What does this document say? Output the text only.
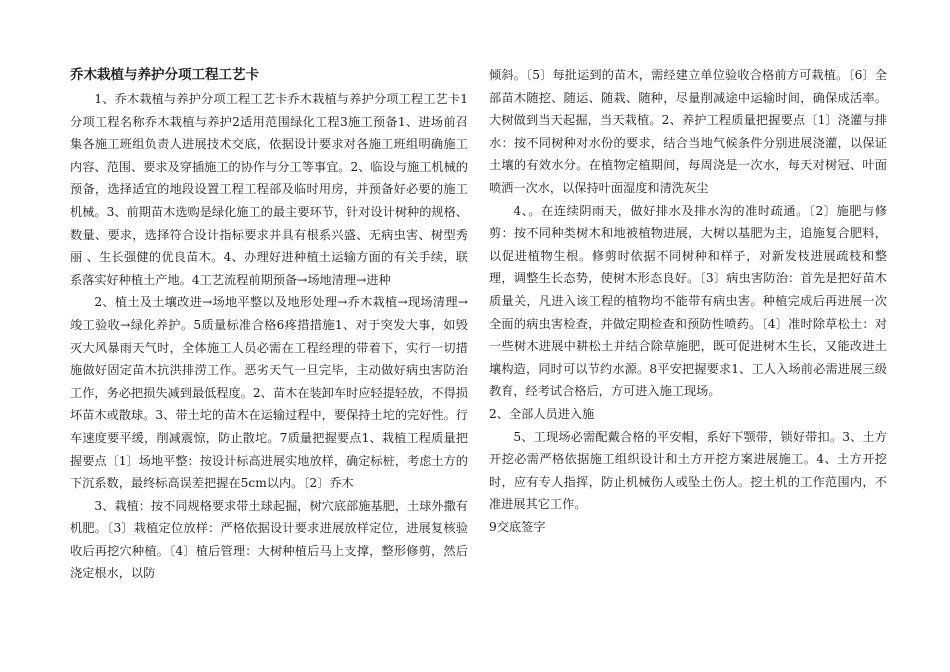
乔木栽植与养护分项工程工艺卡

1、乔木栽植与养护分项工程工艺卡乔木栽植与养护分项工程工艺卡1分项工程名称乔木栽植与养护2适用范围绿化工程3施工预备1、进场前召集各施工班组负责人进展技术交底，依据设计要求对各施工班组明确施工内容、范围、要求及穿插施工的协作与分工等事宜。2、临设与施工机械的预备，选择适宜的地段设置工程工程部及临时用房，并预备好必要的施工机械。3、前期苗木选购是绿化施工的最主要环节，针对设计树种的规格、数量、要求，选择符合设计指标要求并具有根系兴盛、无病虫害、树型秀丽 、生长强健的优良苗木。4、办理好进种植土运输方面的有关手续，联系落实好种植土产地。4工艺流程前期预备→场地清理→进种

2、植土及土壤改进→场地平整以及地形处理→乔木栽植→现场清理→竣工验收→绿化养护。5质量标准合格6疼措措施1、对于突发大事，如毁灭大风暴雨天气时，全体施工人员必需在工程经理的带着下，实行一切措施做好固定苗木抗洪排涝工作。恶劣天气一旦完毕，主动做好病虫害防治工作，务必把损失减到最低程度。2、苗木在装卸车时应轻提轻放，不得损坏苗木或散球。3、带土坨的苗木在运输过程中，要保持土坨的完好性。行车速度要平缓，削减震惊，防止散坨。7质量把握要点1、栽植工程质量把握要点〔1〕场地平整：按设计标高进展实地放样，确定标桩，考虑土方的下沉系数，最终标高误差把握在5cm以内。〔2〕乔木

3、栽植：按不同规格要求带土球起掘，树穴底部施基肥，土球外撒有机肥。〔3〕栽植定位放样：严格依据设计要求进展放样定位，进展复核验收后再挖穴种植。〔4〕植后管理：大树种植后马上支撑，整形修剪，然后浇定根水，以防

倾斜。〔5〕每批运到的苗木，需经建立单位验收合格前方可栽植。〔6〕全部苗木随挖、随运、随栽、随种，尽量削减途中运输时间，确保成活率。大树做到当天起掘，当天栽植。2、养护工程质量把握要点〔1〕浇灌与排水：按不同树种对水份的要求，结合当地气候条件分别进展浇灌，以保证土壤的有效水分。在植物定植期间，每周浇是一次水，每天对树冠、叶面喷洒一次水，以保持叶面湿度和清洗灰尘

4、。在连续阴雨天，做好排水及排水沟的准时疏通。〔2〕施肥与修剪：按不同种类树木和地被植物进展，大树以基肥为主，追施复合肥料，以促进植物生根。修剪时依据不同树种和样子，对新发枝进展疏枝和整理，调整生长态势，使树木形态良好。〔3〕病虫害防治：首先是把好苗木质量关，凡进入该工程的植物均不能带有病虫害。种植完成后再进展一次全面的病虫害检查，并做定期检查和预防性喷药。〔4〕准时除草松土：对一些树木进展中耕松土并结合除草施肥，既可促进树木生长，又能改进土壤构造，同时可以节约水源。8平安把握要求1、工人入场前必需进展三级教育，经考试合格后，方可进入施工现场。

2、全部人员进入施

5、工现场必需配戴合格的平安帽，系好下颚带，锁好带扣。3、土方开挖必需严格依据施工组织设计和土方开挖方案进展施工。4、土方开挖时，应有专人指挥，防止机械伤人或坠土伤人。挖土机的工作范围内，不准进展其它工作。

9交底签字
